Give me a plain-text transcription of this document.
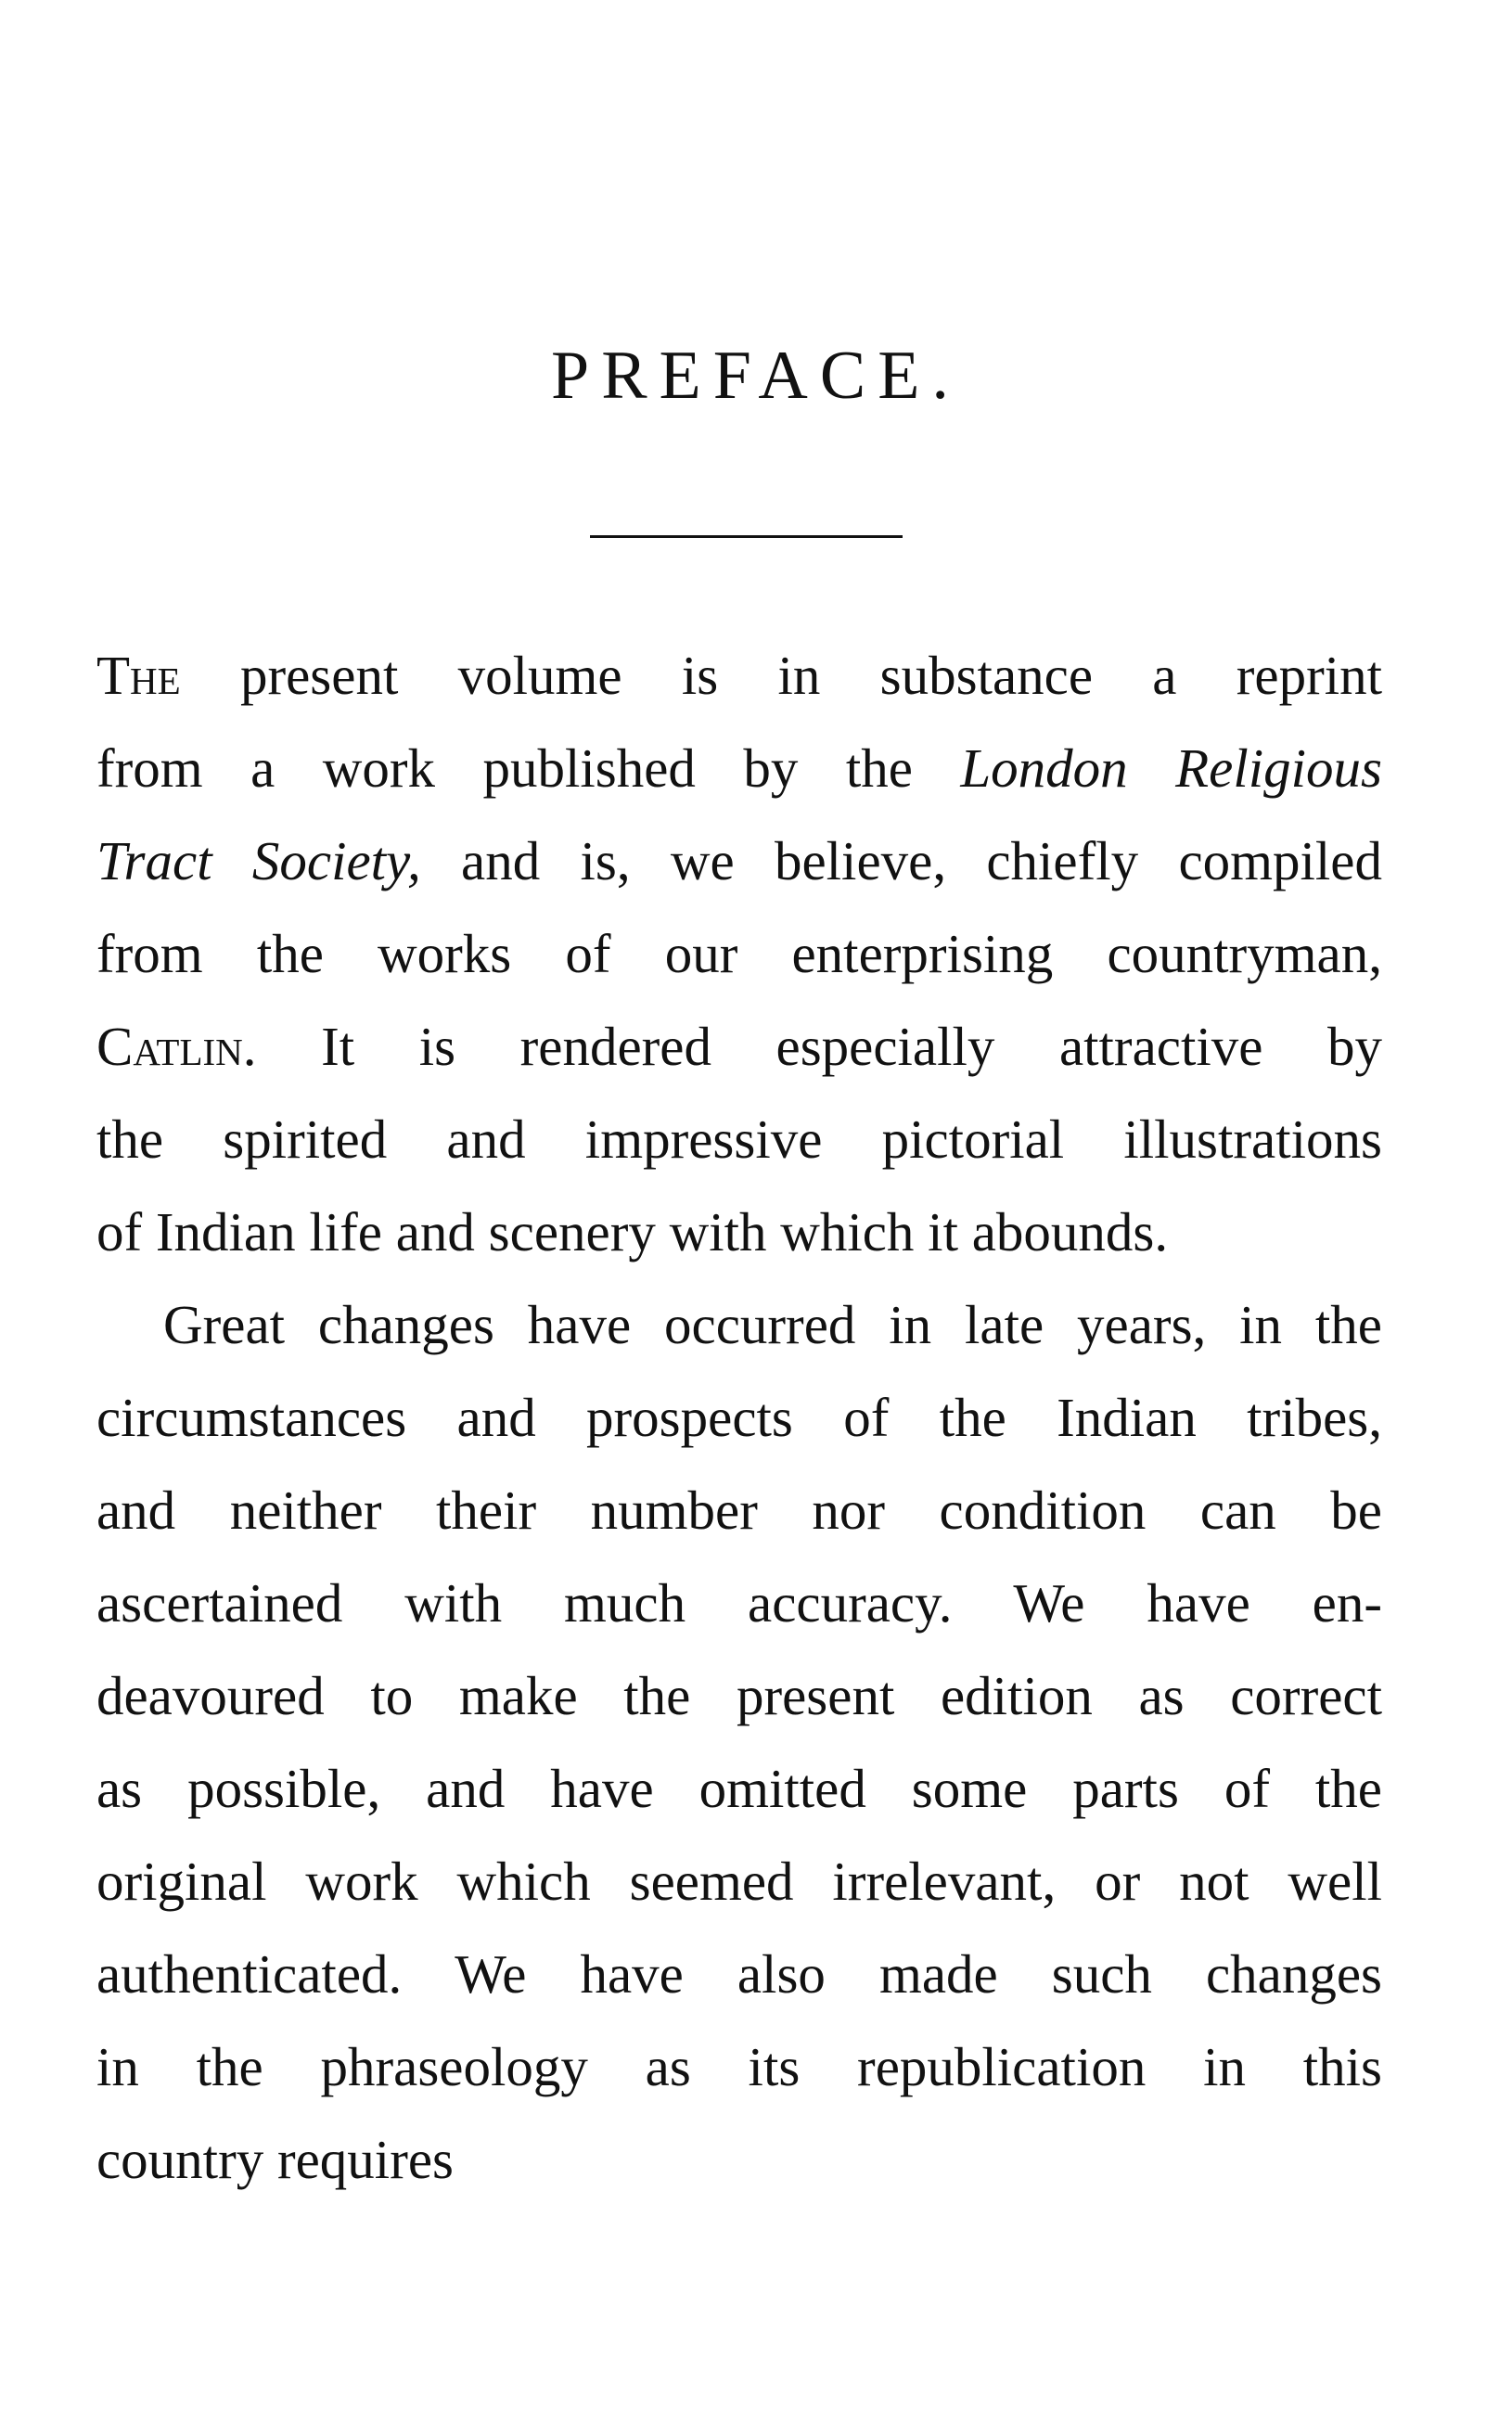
PREFACE.

The present volume is in substance a reprint
from a work published by the London Religious
Tract Society, and is, we believe, chiefly compiled
from the works of our enterprising countryman,
Catlin. It is rendered especially attractive by
the spirited and impressive pictorial illustrations
of Indian life and scenery with which it abounds.

Great changes have occurred in late years, in the
circumstances and prospects of the Indian tribes,
and neither their number nor condition can be
ascertained with much accuracy. We have en-
deavoured to make the present edition as correct
as possible, and have omitted some parts of the
original work which seemed irrelevant, or not well
authenticated. We have also made such changes
in the phraseology as its republication in this
country requires
